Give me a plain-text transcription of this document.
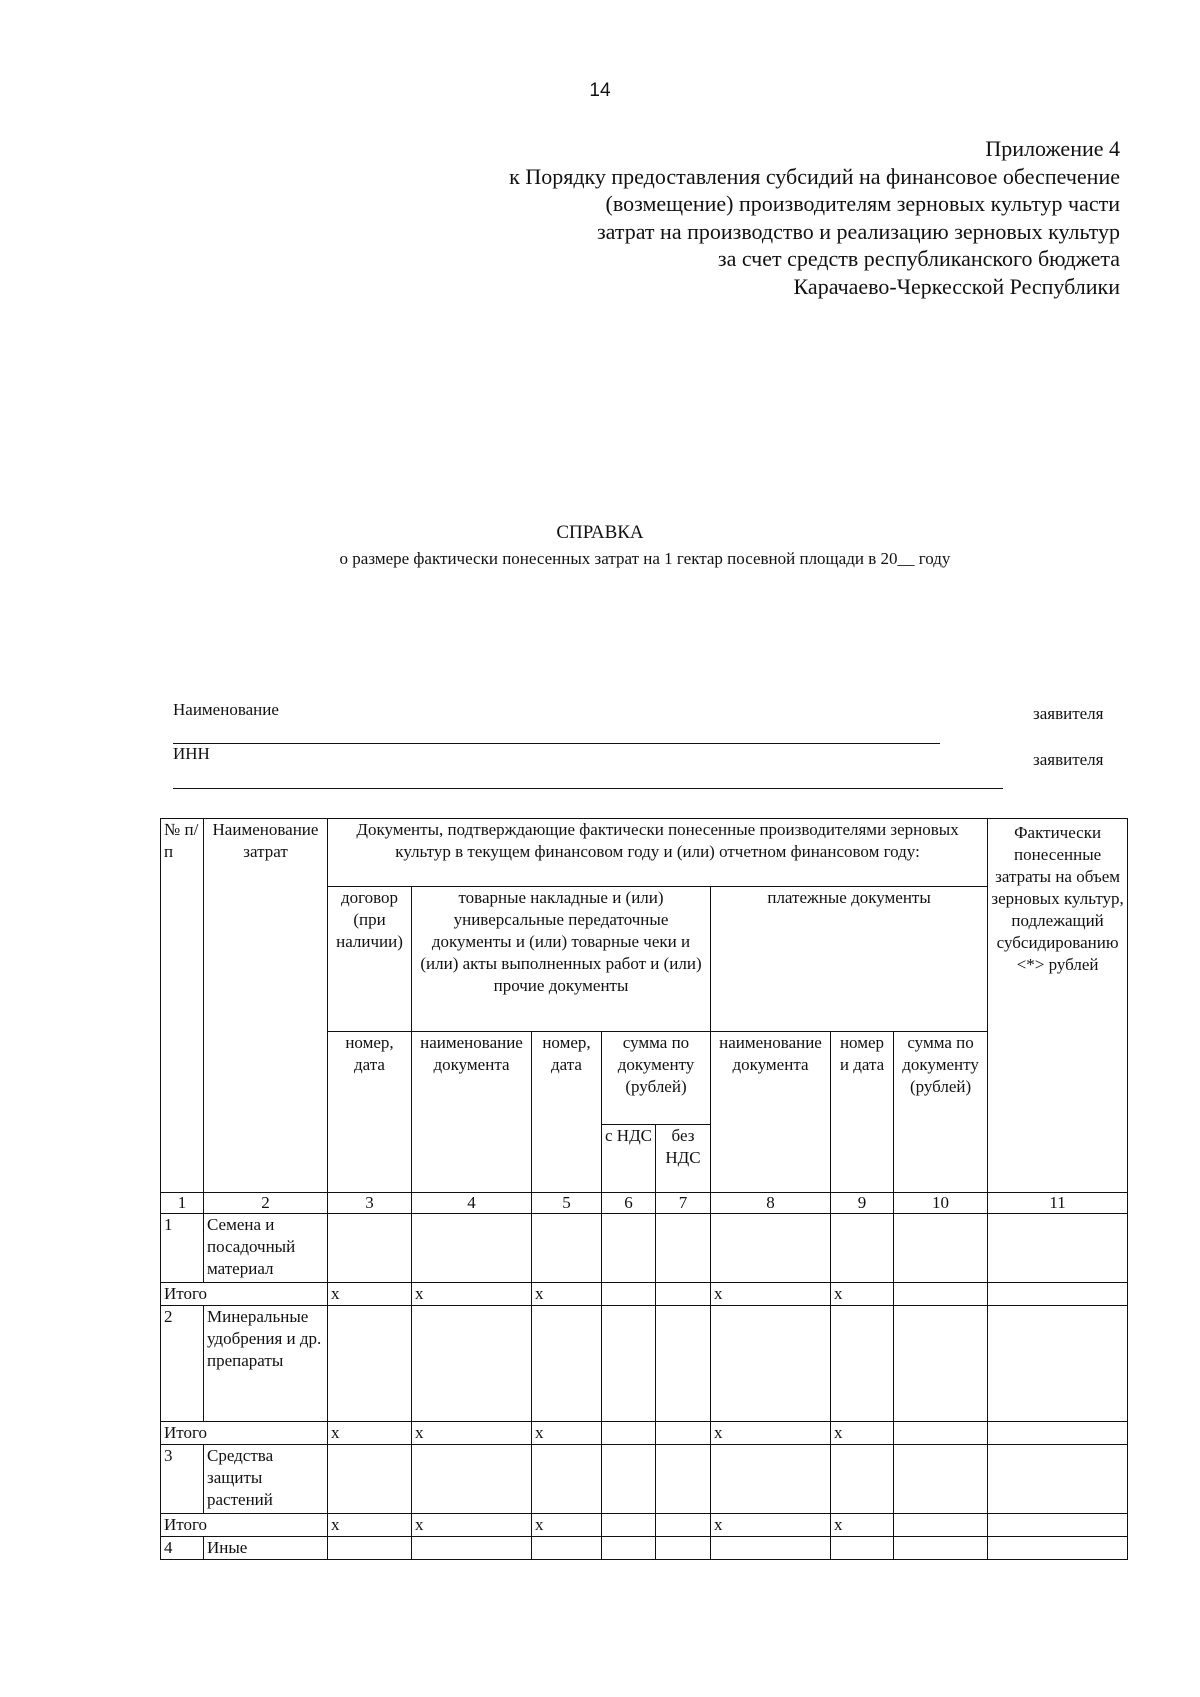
14
Приложение 4
к Порядку предоставления субсидий на финансовое обеспечение
(возмещение) производителям зерновых культур части
затрат на производство и реализацию зерновых культур
за счет средств республиканского бюджета
Карачаево-Черкесской Республики
СПРАВКА
о размере фактически понесенных затрат на 1 гектар посевной площади в 20__ году
Наименование	заявителя
ИНН	заявителя
№ п/п	Наименование затрат	Документы, подтверждающие фактически понесенные производителями зерновых культур в текущем финансовом году и (или) отчетном финансовом году:								Фактически понесенные затраты на объем зерновых культур, подлежащий субсидированию <*> рублей
		договор (при наличии)	товарные накладные и (или) универсальные передаточные документы и (или) товарные чеки и (или) акты выполненных работ и (или) прочие документы				платежные документы			
		номер, дата	наименование документа	номер, дата	сумма по документу (рублей)		наименование документа	номер и дата	сумма по документу (рублей)	
					с НДС	без НДС				
1	2	3	4	5	6	7	8	9	10	11
1	Семена и посадочный материал									
Итого		x	x	x			x	x		
2	Минеральные удобрения и др. препараты									
Итого		x	x	x			x	x		
3	Средства защиты растений									
Итого		x	x	x			x	x		
4	Иные									
